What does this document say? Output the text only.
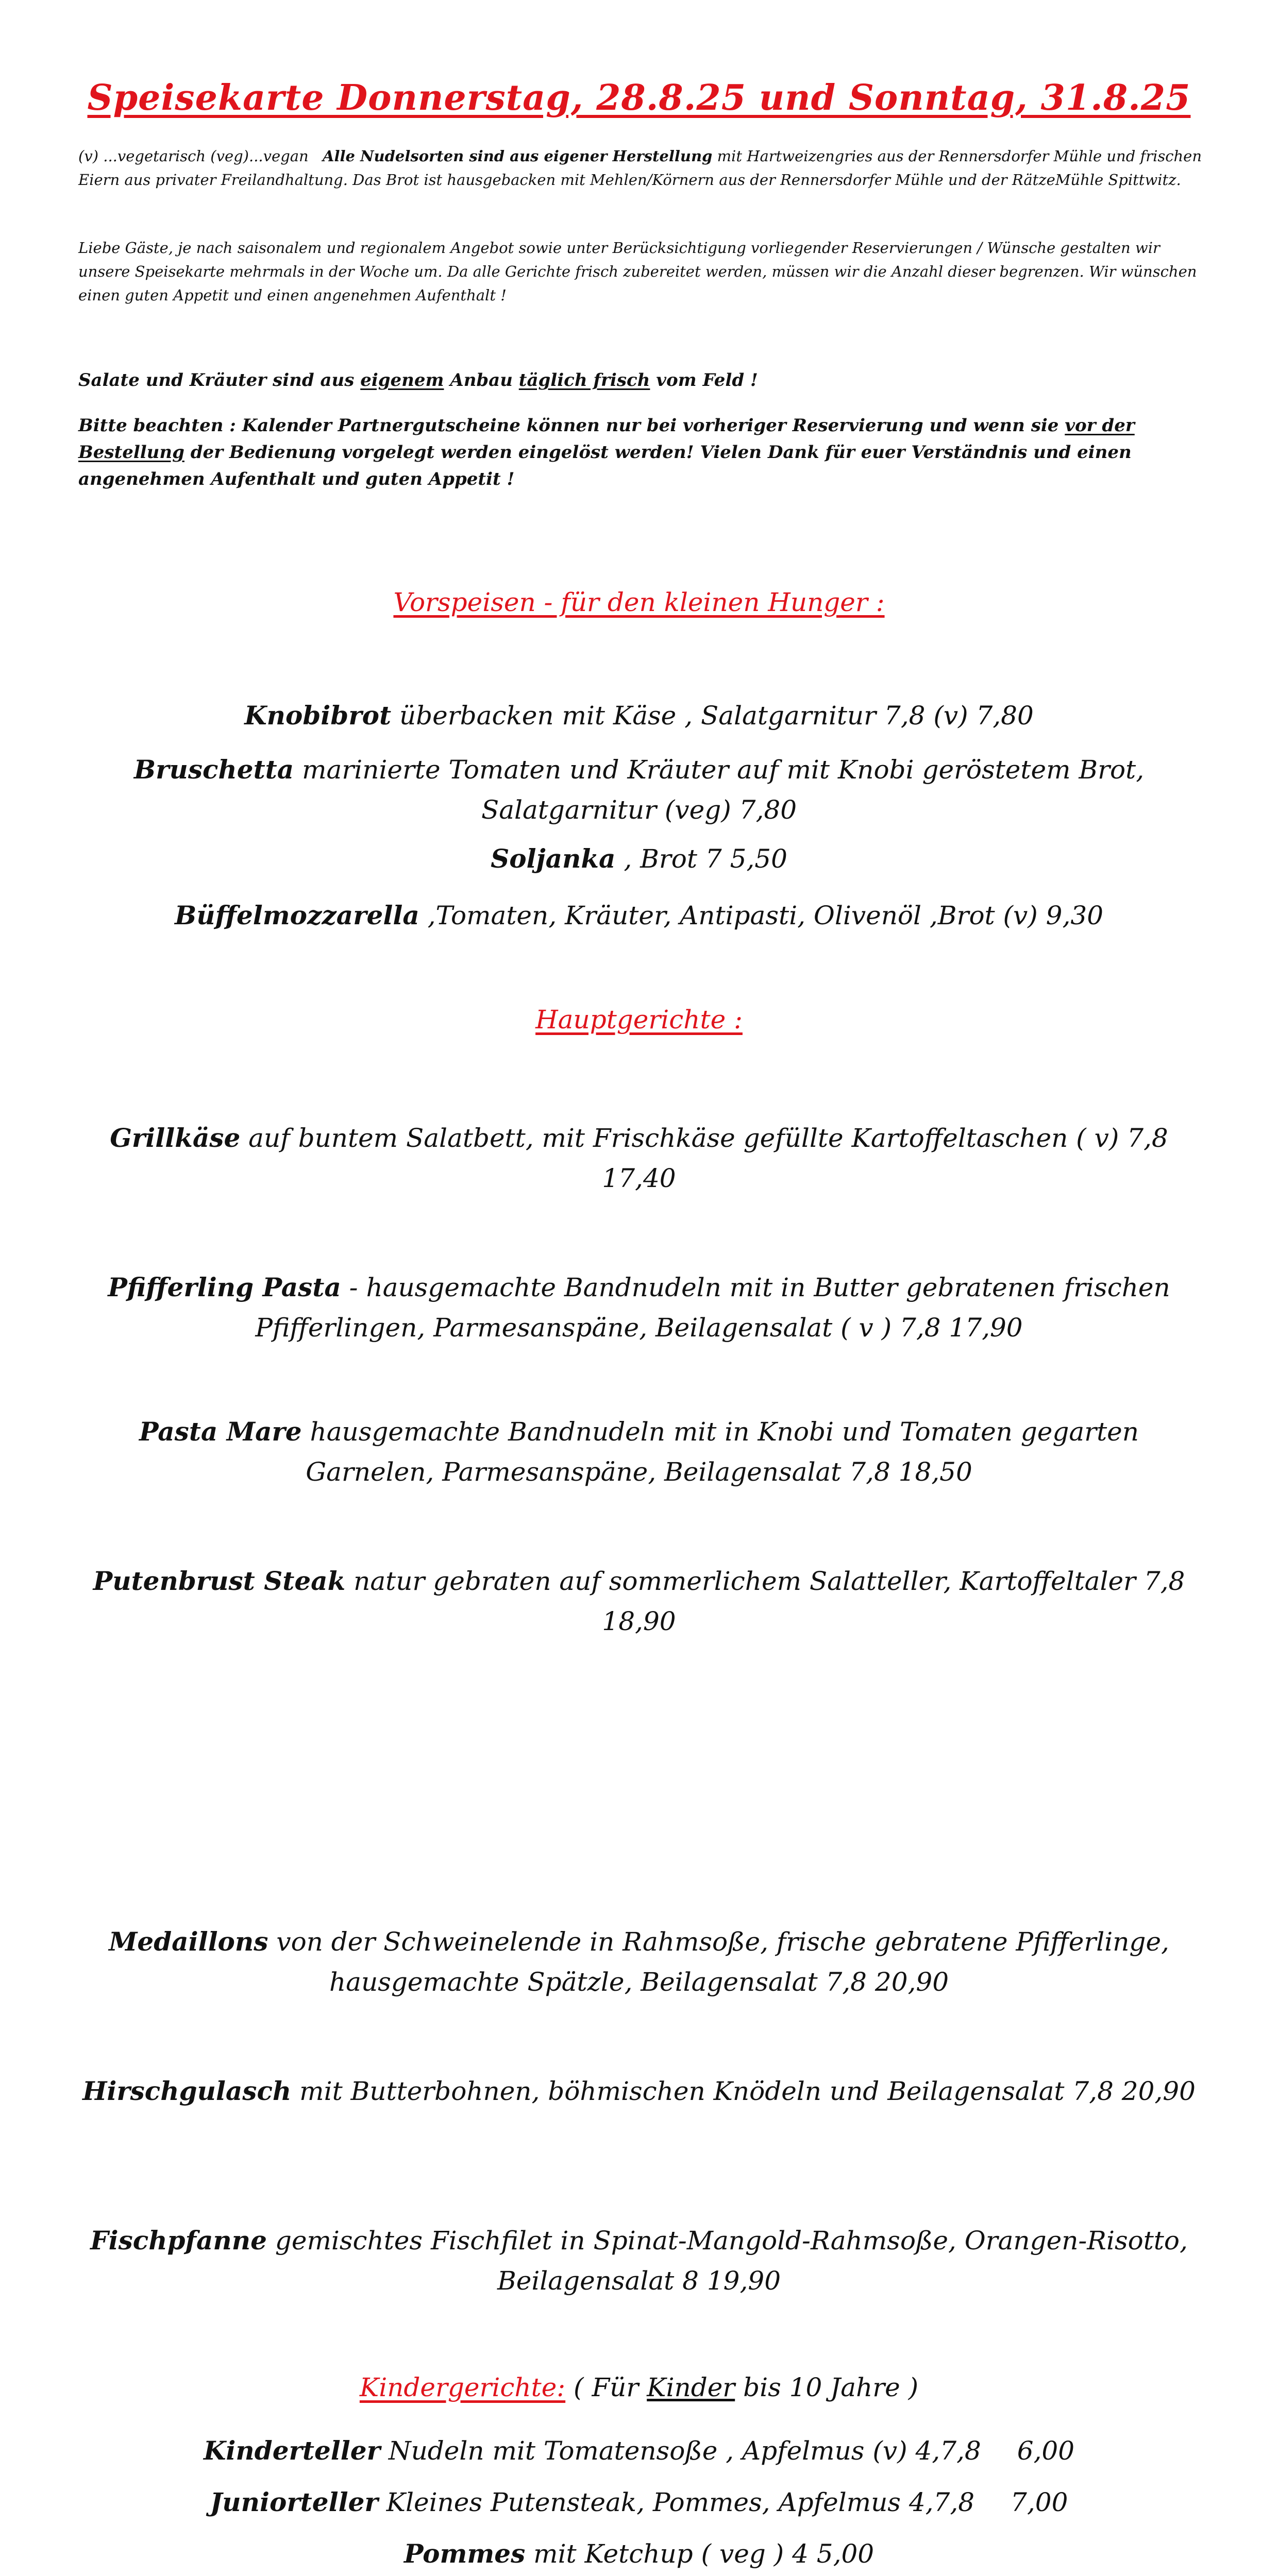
Speisekarte Donnerstag, 28.8.25 und Sonntag, 31.8.25

(v) ...vegetarisch (veg)...vegan Alle Nudelsorten sind aus eigener Herstellung mit Hartweizengries aus der Rennersdorfer Mühle und frischen Eiern aus privater Freilandhaltung. Das Brot ist hausgebacken mit Mehlen/Körnern aus der Rennersdorfer Mühle und der RätzeMühle Spittwitz.

Liebe Gäste, je nach saisonalem und regionalem Angebot sowie unter Berücksichtigung vorliegender Reservierungen / Wünsche gestalten wir unsere Speisekarte mehrmals in der Woche um. Da alle Gerichte frisch zubereitet werden, müssen wir die Anzahl dieser begrenzen. Wir wünschen einen guten Appetit und einen angenehmen Aufenthalt !

Salate und Kräuter sind aus eigenem Anbau täglich frisch vom Feld !

Bitte beachten : Kalender Partnergutscheine können nur bei vorheriger Reservierung und wenn sie vor der Bestellung der Bedienung vorgelegt werden eingelöst werden! Vielen Dank für euer Verständnis und einen angenehmen Aufenthalt und guten Appetit !

Vorspeisen - für den kleinen Hunger :

Knobibrot überbacken mit Käse , Salatgarnitur 7,8 (v) 7,80

Bruschetta marinierte Tomaten und Kräuter auf mit Knobi geröstetem Brot, Salatgarnitur (veg) 7,80

Soljanka , Brot 7 5,50

Büffelmozzarella ,Tomaten, Kräuter, Antipasti, Olivenöl ,Brot (v) 9,30

Hauptgerichte :

Grillkäse auf buntem Salatbett, mit Frischkäse gefüllte Kartoffeltaschen ( v) 7,8 17,40

Pfifferling Pasta - hausgemachte Bandnudeln mit in Butter gebratenen frischen Pfifferlingen, Parmesanspäne, Beilagensalat ( v ) 7,8 17,90

Pasta Mare hausgemachte Bandnudeln mit in Knobi und Tomaten gegarten Garnelen, Parmesanspäne, Beilagensalat 7,8 18,50

Putenbrust Steak natur gebraten auf sommerlichem Salatteller, Kartoffeltaler 7,8 18,90

Medaillons von der Schweinelende in Rahmsoße, frische gebratene Pfifferlinge, hausgemachte Spätzle, Beilagensalat 7,8 20,90

Hirschgulasch mit Butterbohnen, böhmischen Knödeln und Beilagensalat 7,8 20,90

Fischpfanne gemischtes Fischfilet in Spinat-Mangold-Rahmsoße, Orangen-Risotto, Beilagensalat 8 19,90

Kindergerichte: ( Für Kinder bis 10 Jahre )

Kinderteller Nudeln mit Tomatensoße , Apfelmus (v) 4,7,8 6,00

Juniorteller Kleines Putensteak, Pommes, Apfelmus 4,7,8 7,00

Pommes mit Ketchup ( veg ) 4 5,00
